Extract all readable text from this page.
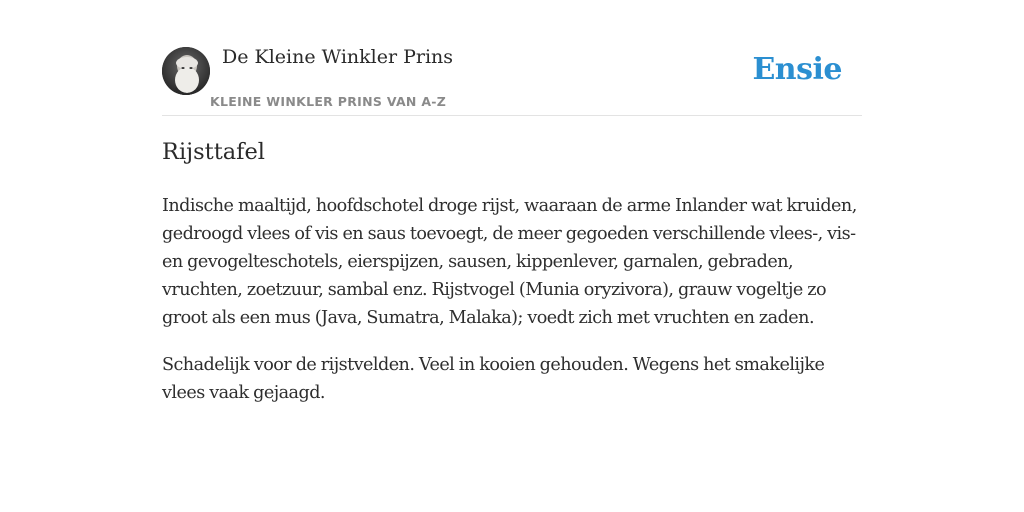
De Kleine Winkler Prins
KLEINE WINKLER PRINS VAN A-Z
Ensie
Rijsttafel

Indische maaltijd, hoofdschotel droge rijst, waaraan de arme Inlander wat kruiden, gedroogd vlees of vis en saus toevoegt, de meer gegoeden verschillende vlees-, vis- en gevogelteschotels, eierspijzen, sausen, kippenlever, garnalen, gebraden, vruchten, zoetzuur, sambal enz. Rijstvogel (Munia oryzivora), grauw vogeltje zo groot als een mus (Java, Sumatra, Malaka); voedt zich met vruchten en zaden.

Schadelijk voor de rijstvelden. Veel in kooien gehouden. Wegens het smakelijke vlees vaak gejaagd.
